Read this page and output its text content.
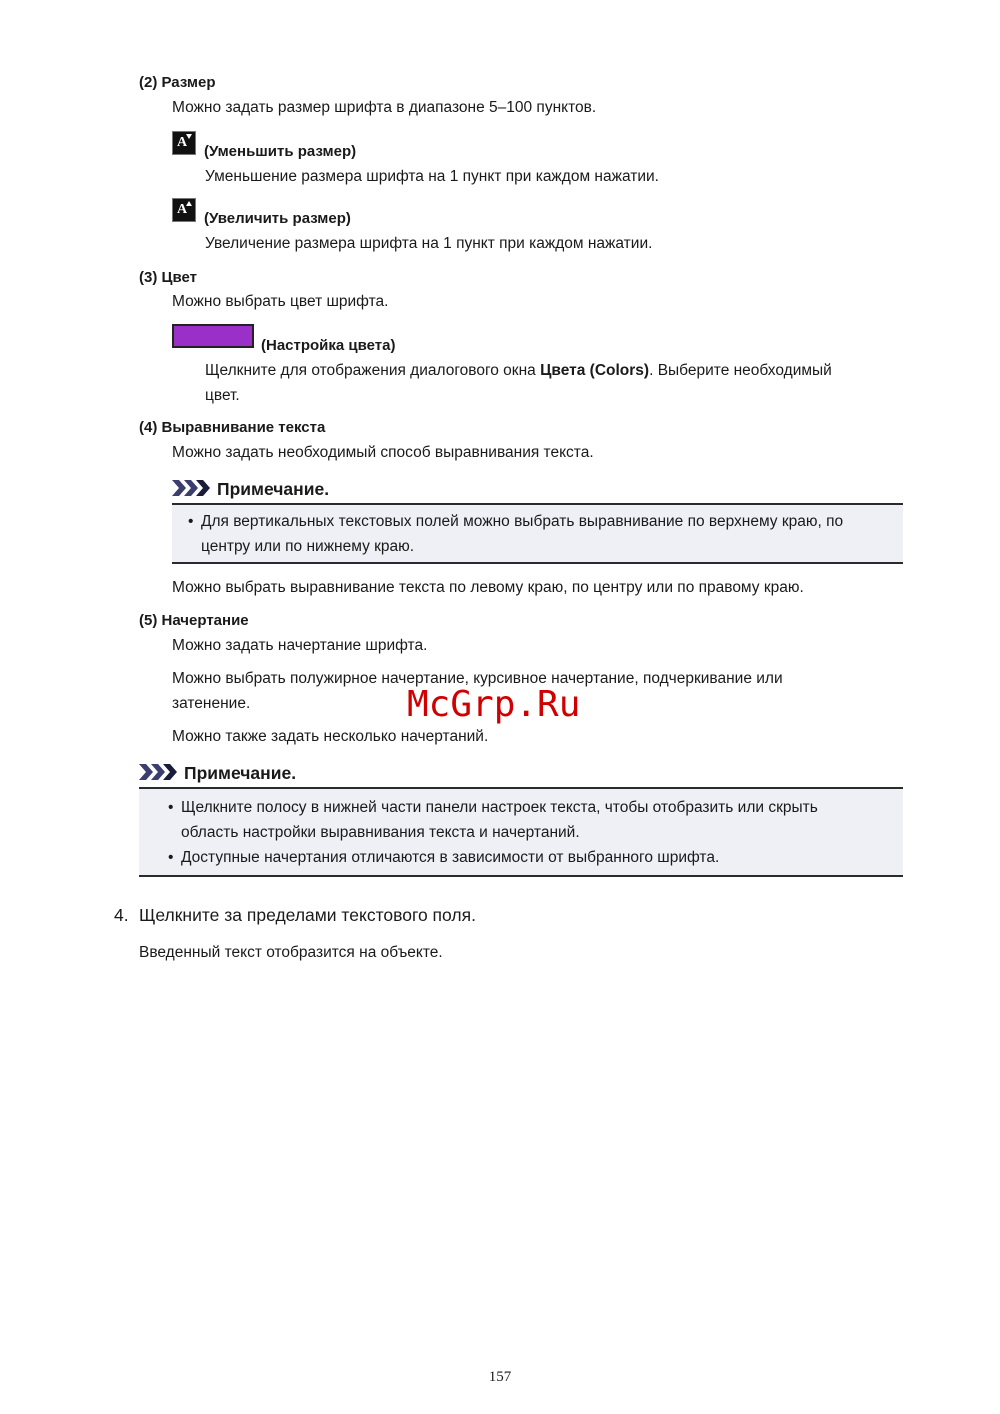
(2) Размер
Можно задать размер шрифта в диапазоне 5–100 пунктов.
A
(Уменьшить размер)
Уменьшение размера шрифта на 1 пункт при каждом нажатии.
A
(Увеличить размер)
Увеличение размера шрифта на 1 пункт при каждом нажатии.
(3) Цвет
Можно выбрать цвет шрифта.
(Настройка цвета)
Щелкните для отображения диалогового окна Цвета (Colors). Выберите необходимый
цвет.
(4) Выравнивание текста
Можно задать необходимый способ выравнивания текста.
Примечание.
• Для вертикальных текстовых полей можно выбрать выравнивание по верхнему краю, по
центру или по нижнему краю.
Можно выбрать выравнивание текста по левому краю, по центру или по правому краю.
(5) Начертание
Можно задать начертание шрифта.
Можно выбрать полужирное начертание, курсивное начертание, подчеркивание или
затенение.
Можно также задать несколько начертаний.
Примечание.
• Щелкните полосу в нижней части панели настроек текста, чтобы отобразить или скрыть
область настройки выравнивания текста и начертаний.
• Доступные начертания отличаются в зависимости от выбранного шрифта.
4. Щелкните за пределами текстового поля.
Введенный текст отобразится на объекте.
McGrp.Ru
157
